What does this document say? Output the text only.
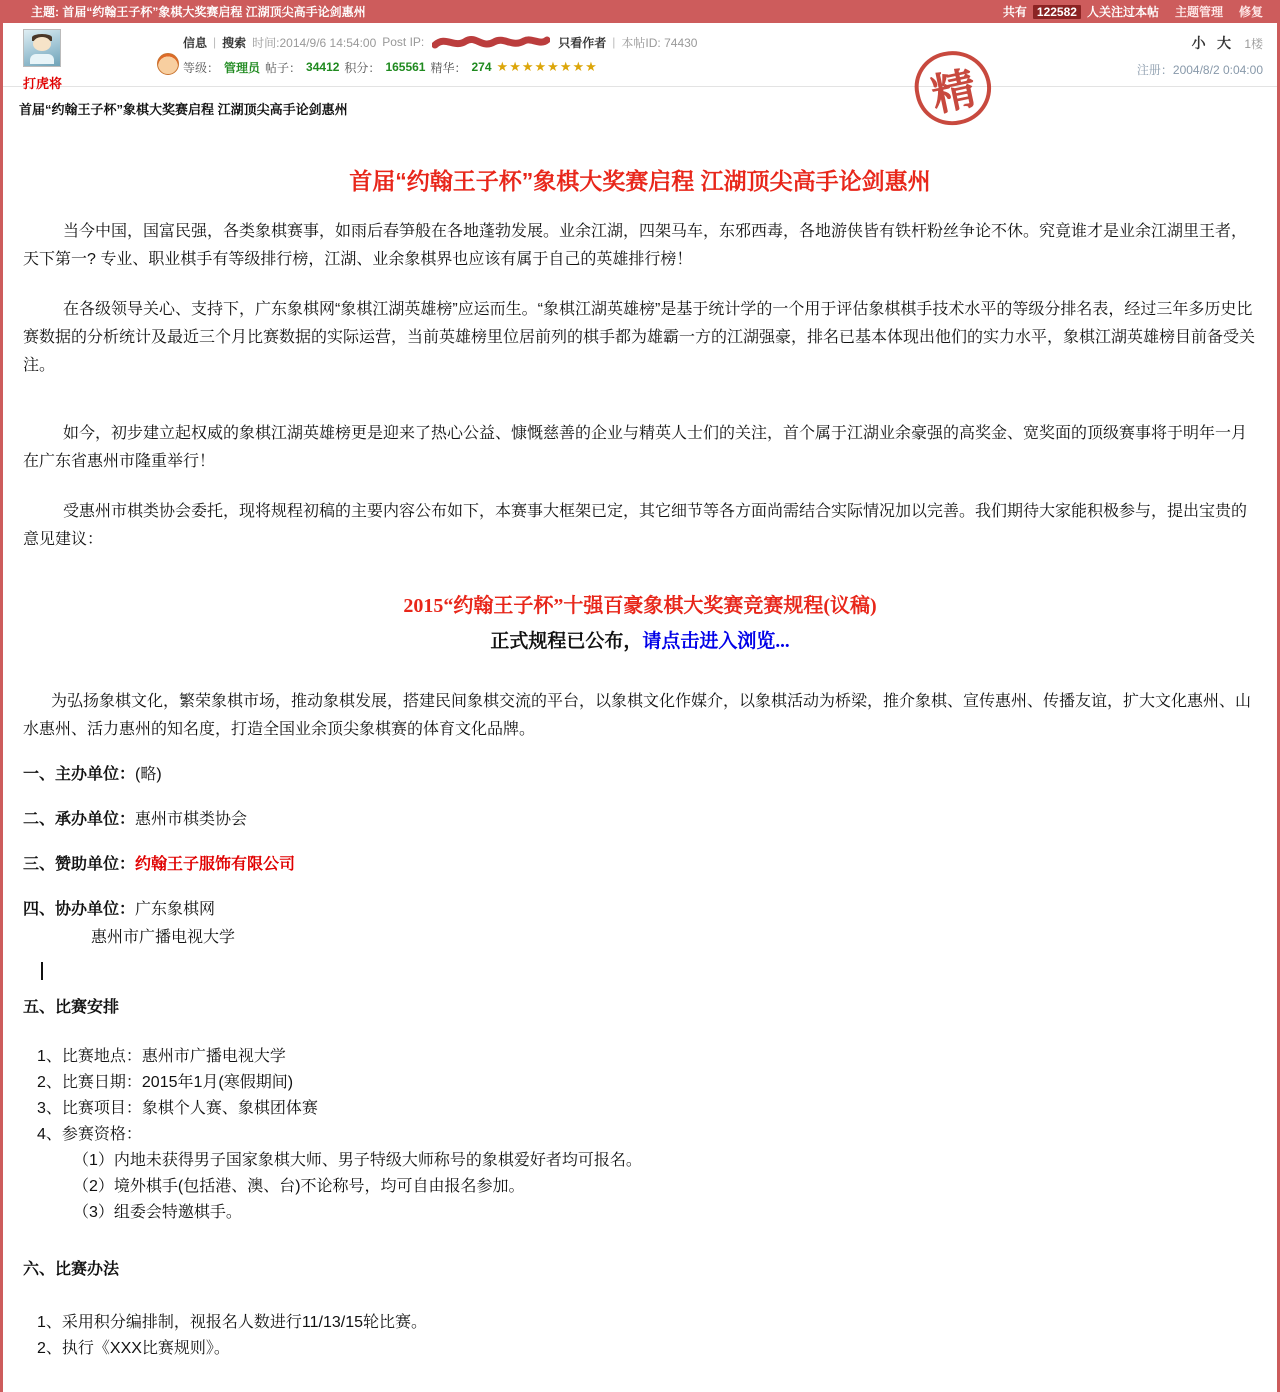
主题: 首届“约翰王子杯”象棋大奖赛启程 江湖顶尖高手论剑惠州	共有 122582 人关注过本帖 主题管理 修复
打虎将
信息 | 搜索 时间:2014/9/6 14:54:00 Post IP:	只看作者 | 本帖ID: 74430
等级： 管理员 帖子： 34412 积分： 165561 精华： 274 ★★★★★★★★
小 大 1楼
注册：2004/8/2 0:04:00
精
首届“约翰王子杯”象棋大奖赛启程 江湖顶尖高手论剑惠州
首届“约翰王子杯”象棋大奖赛启程 江湖顶尖高手论剑惠州

当今中国，国富民强，各类象棋赛事，如雨后春笋般在各地蓬勃发展。业余江湖，四架马车，东邪西毒，各地游侠皆有铁杆粉丝争论不休。究竟谁才是业余江湖里王者，天下第一? 专业、职业棋手有等级排行榜，江湖、业余象棋界也应该有属于自己的英雄排行榜！

在各级领导关心、支持下，广东象棋网“象棋江湖英雄榜”应运而生。“象棋江湖英雄榜”是基于统计学的一个用于评估象棋棋手技术水平的等级分排名表，经过三年多历史比赛数据的分析统计及最近三个月比赛数据的实际运营，当前英雄榜里位居前列的棋手都为雄霸一方的江湖强豪，排名已基本体现出他们的实力水平，象棋江湖英雄榜目前备受关注。

如今，初步建立起权威的象棋江湖英雄榜更是迎来了热心公益、慷慨慈善的企业与精英人士们的关注，首个属于江湖业余豪强的高奖金、宽奖面的顶级赛事将于明年一月在广东省惠州市隆重举行！

受惠州市棋类协会委托，现将规程初稿的主要内容公布如下，本赛事大框架已定，其它细节等各方面尚需结合实际情况加以完善。我们期待大家能积极参与，提出宝贵的意见建议：

2015“约翰王子杯”十强百豪象棋大奖赛竞赛规程(议稿)
正式规程已公布，请点击进入浏览...

为弘扬象棋文化，繁荣象棋市场，推动象棋发展，搭建民间象棋交流的平台，以象棋文化作媒介，以象棋活动为桥梁，推介象棋、宣传惠州、传播友谊，扩大文化惠州、山水惠州、活力惠州的知名度，打造全国业余顶尖象棋赛的体育文化品牌。

一、主办单位：(略)
二、承办单位：惠州市棋类协会
三、赞助单位：约翰王子服饰有限公司
四、协办单位：广东象棋网
惠州市广播电视大学
五、比赛安排
1、比赛地点：惠州市广播电视大学
2、比赛日期：2015年1月(寒假期间)
3、比赛项目：象棋个人赛、象棋团体赛
4、参赛资格：
（1）内地未获得男子国家象棋大师、男子特级大师称号的象棋爱好者均可报名。
（2）境外棋手(包括港、澳、台)不论称号，均可自由报名参加。
（3）组委会特邀棋手。
六、比赛办法
1、采用积分编排制，视报名人数进行11/13/15轮比赛。
2、执行《XXX比赛规则》。
